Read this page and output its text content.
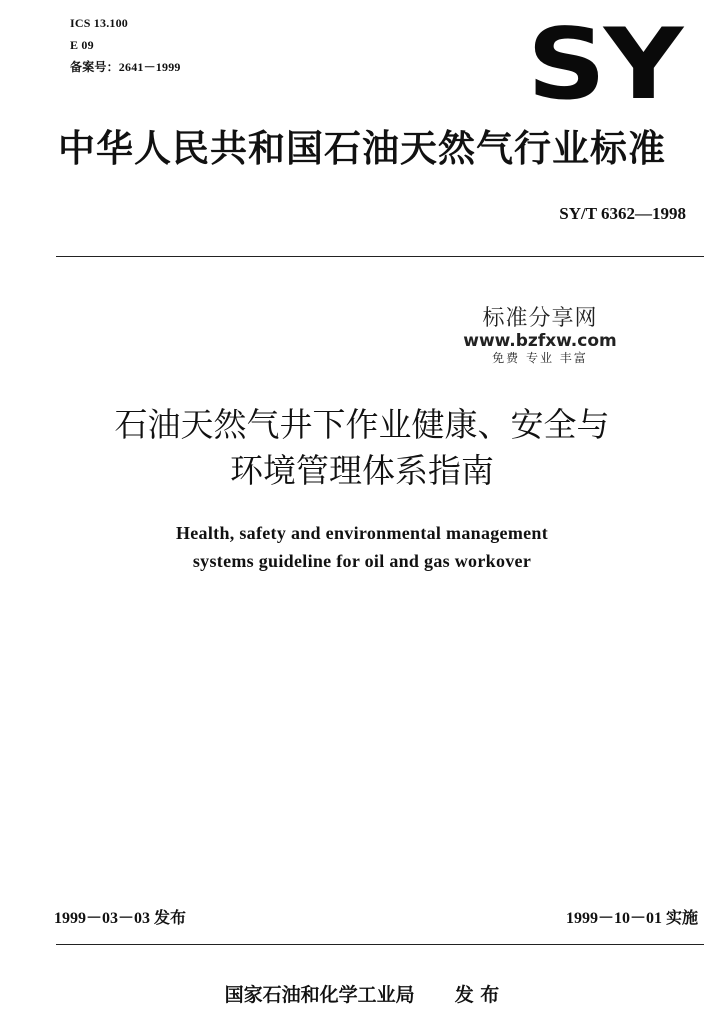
ICS 13.100
E 09
备案号：2641－1999	SY
中华人民共和国石油天然气行业标准
SY/T 6362—1998
标准分享网
www.bzfxw.com
免费 专业 丰富
石油天然气井下作业健康、安全与
环境管理体系指南
Health, safety and environmental management
systems guideline for oil and gas workover
1999－03－03 发布	1999－10－01 实施
国家石油和化学工业局 发 布
